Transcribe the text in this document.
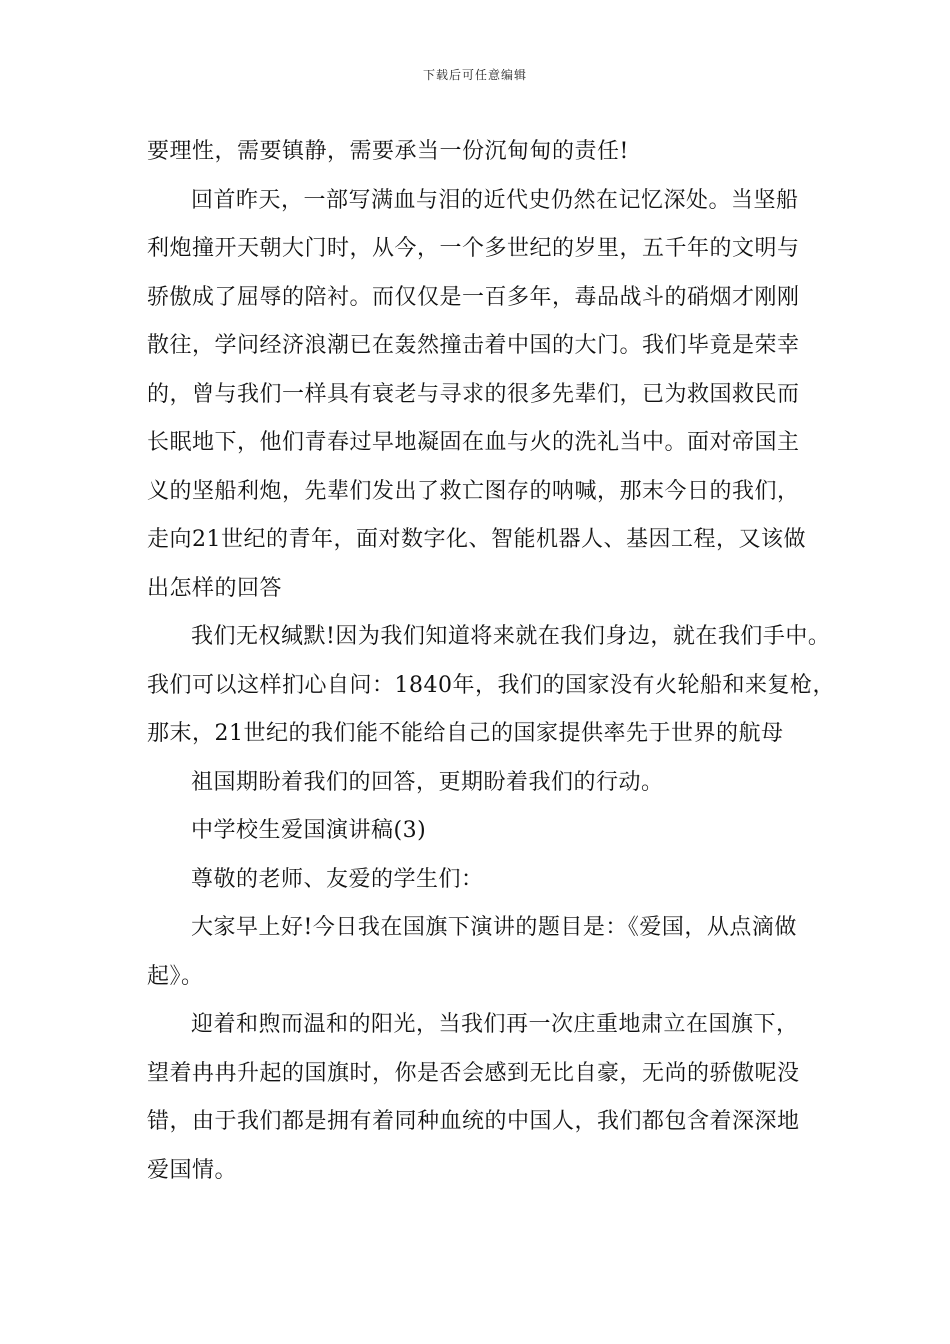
下载后可任意编辑

要理性，需要镇静，需要承当一份沉甸甸的责任!

回首昨天，一部写满血与泪的近代史仍然在记忆深处。当坚船

利炮撞开天朝大门时，从今，一个多世纪的岁里，五千年的文明与

骄傲成了屈辱的陪衬。而仅仅是一百多年，毒品战斗的硝烟才刚刚

散往，学问经济浪潮已在轰然撞击着中国的大门。我们毕竟是荣幸

的，曾与我们一样具有衰老与寻求的很多先辈们，已为救国救民而

长眠地下，他们青春过早地凝固在血与火的洗礼当中。面对帝国主

义的坚船利炮，先辈们发出了救亡图存的呐喊，那末今日的我们，

走向21世纪的青年，面对数字化、智能机器人、基因工程，又该做

出怎样的回答

我们无权缄默!因为我们知道将来就在我们身边，就在我们手中。

我们可以这样扪心自问：1840年，我们的国家没有火轮船和来复枪，

那末，21世纪的我们能不能给自己的国家提供率先于世界的航母

祖国期盼着我们的回答，更期盼着我们的行动。

中学校生爱国演讲稿(3)

尊敬的老师、友爱的学生们：

大家早上好!今日我在国旗下演讲的题目是：《爱国，从点滴做

起》。

迎着和煦而温和的阳光，当我们再一次庄重地肃立在国旗下，

望着冉冉升起的国旗时，你是否会感到无比自豪，无尚的骄傲呢没

错，由于我们都是拥有着同种血统的中国人，我们都包含着深深地

爱国情。
